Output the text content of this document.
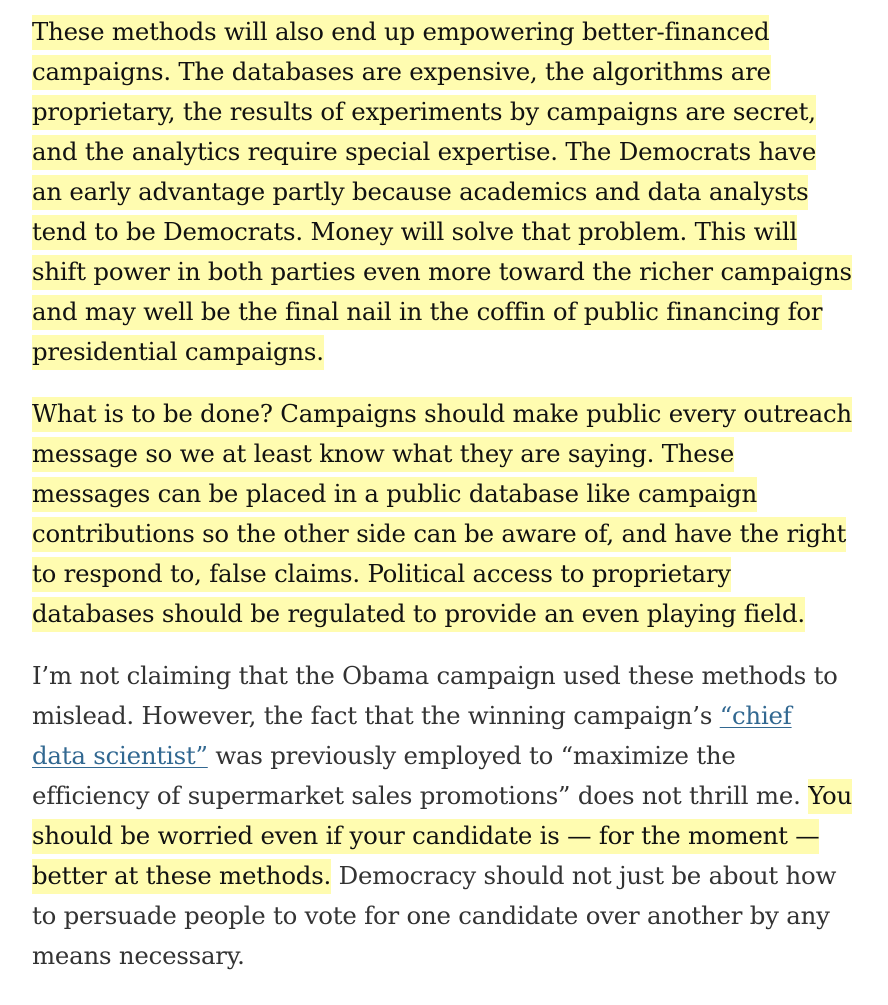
These methods will also end up empowering better-financed campaigns. The databases are expensive, the algorithms are proprietary, the results of experiments by campaigns are secret, and the analytics require special expertise. The Democrats have an early advantage partly because academics and data analysts tend to be Democrats. Money will solve that problem. This will shift power in both parties even more toward the richer campaigns and may well be the final nail in the coffin of public financing for presidential campaigns.

What is to be done? Campaigns should make public every outreach message so we at least know what they are saying. These messages can be placed in a public database like campaign contributions so the other side can be aware of, and have the right to respond to, false claims. Political access to proprietary databases should be regulated to provide an even playing field.

I’m not claiming that the Obama campaign used these methods to mislead. However, the fact that the winning campaign’s “chief data scientist” was previously employed to “maximize the efficiency of supermarket sales promotions” does not thrill me. You should be worried even if your candidate is — for the moment — better at these methods. Democracy should not just be about how to persuade people to vote for one candidate over another by any means necessary.
